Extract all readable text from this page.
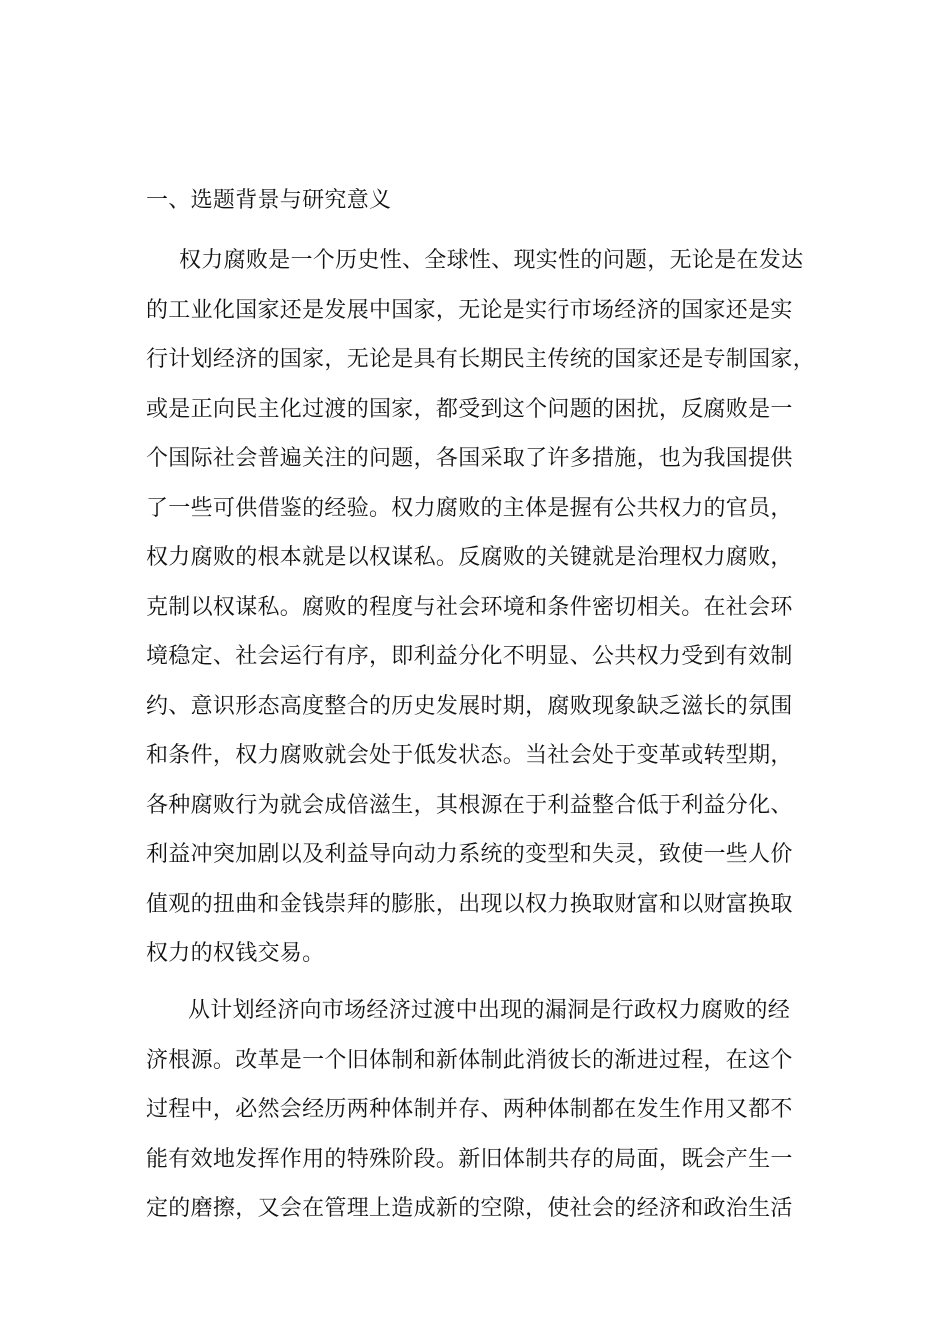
一、选题背景与研究意义
权力腐败是一个历史性、全球性、现实性的问题，无论是在发达
的工业化国家还是发展中国家，无论是实行市场经济的国家还是实
行计划经济的国家，无论是具有长期民主传统的国家还是专制国家，
或是正向民主化过渡的国家，都受到这个问题的困扰，反腐败是一
个国际社会普遍关注的问题，各国采取了许多措施，也为我国提供
了一些可供借鉴的经验。权力腐败的主体是握有公共权力的官员，
权力腐败的根本就是以权谋私。反腐败的关键就是治理权力腐败，
克制以权谋私。腐败的程度与社会环境和条件密切相关。在社会环
境稳定、社会运行有序，即利益分化不明显、公共权力受到有效制
约、意识形态高度整合的历史发展时期，腐败现象缺乏滋长的氛围
和条件，权力腐败就会处于低发状态。当社会处于变革或转型期，
各种腐败行为就会成倍滋生，其根源在于利益整合低于利益分化、
利益冲突加剧以及利益导向动力系统的变型和失灵，致使一些人价
值观的扭曲和金钱崇拜的膨胀，出现以权力换取财富和以财富换取
权力的权钱交易。
从计划经济向市场经济过渡中出现的漏洞是行政权力腐败的经
济根源。改革是一个旧体制和新体制此消彼长的渐进过程，在这个
过程中，必然会经历两种体制并存、两种体制都在发生作用又都不
能有效地发挥作用的特殊阶段。新旧体制共存的局面，既会产生一
定的磨擦，又会在管理上造成新的空隙，使社会的经济和政治生活
